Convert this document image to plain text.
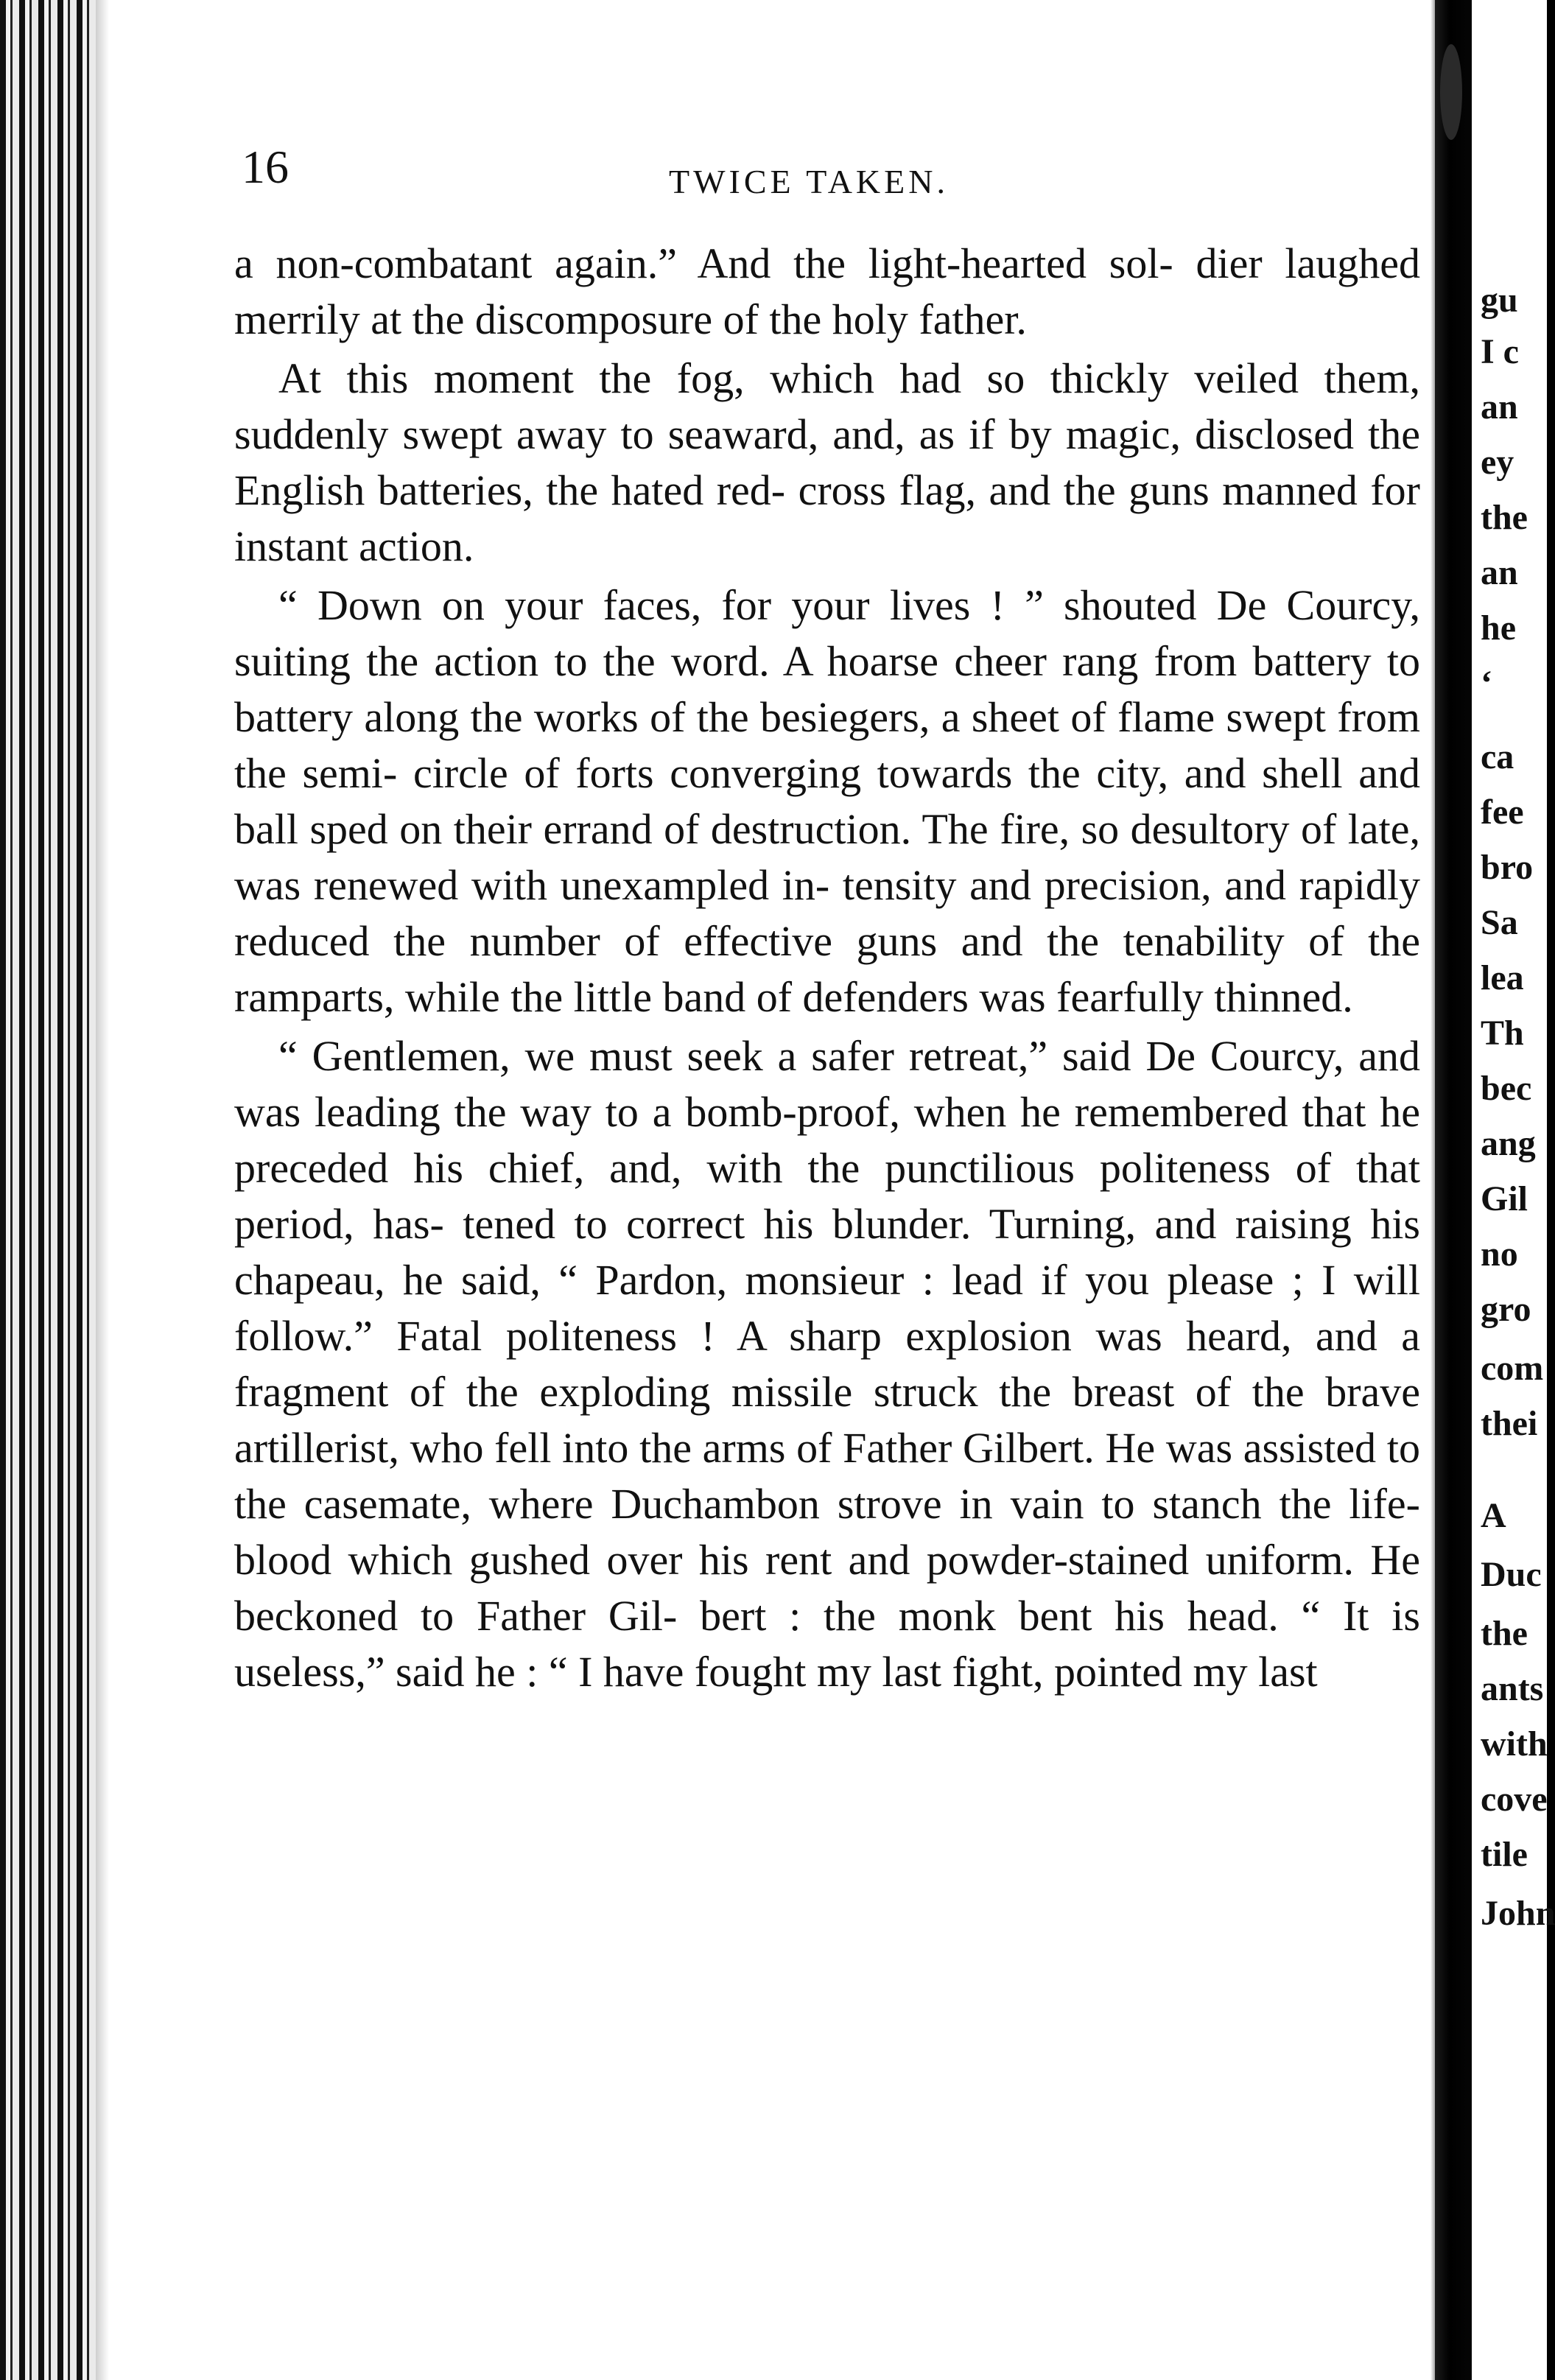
16	TWICE TAKEN.

a non-combatant again.” And the light-hearted sol- dier laughed merrily at the discomposure of the holy father.

At this moment the fog, which had so thickly veiled them, suddenly swept away to seaward, and, as if by magic, disclosed the English batteries, the hated red- cross flag, and the guns manned for instant action.

“ Down on your faces, for your lives ! ” shouted De Courcy, suiting the action to the word. A hoarse cheer rang from battery to battery along the works of the besiegers, a sheet of flame swept from the semi- circle of forts converging towards the city, and shell and ball sped on their errand of destruction. The fire, so desultory of late, was renewed with unexampled in- tensity and precision, and rapidly reduced the number of effective guns and the tenability of the ramparts, while the little band of defenders was fearfully thinned.

“ Gentlemen, we must seek a safer retreat,” said De Courcy, and was leading the way to a bomb-proof, when he remembered that he preceded his chief, and, with the punctilious politeness of that period, has- tened to correct his blunder. Turning, and raising his chapeau, he said, “ Pardon, monsieur : lead if you please ; I will follow.” Fatal politeness ! A sharp explosion was heard, and a fragment of the exploding missile struck the breast of the brave artillerist, who fell into the arms of Father Gilbert. He was assisted to the casemate, where Duchambon strove in vain to stanch the life-blood which gushed over his rent and powder-stained uniform. He beckoned to Father Gil- bert : the monk bent his head. “ It is useless,” said he : “ I have fought my last fight, pointed my last

gu

I c

an

ey

the

an

he

‘

ca

fee

bro

Sa

lea

Th

bec

ang

Gil

no

gro

com

thei

A

Duc

the

ants

with

cove

tile

John
